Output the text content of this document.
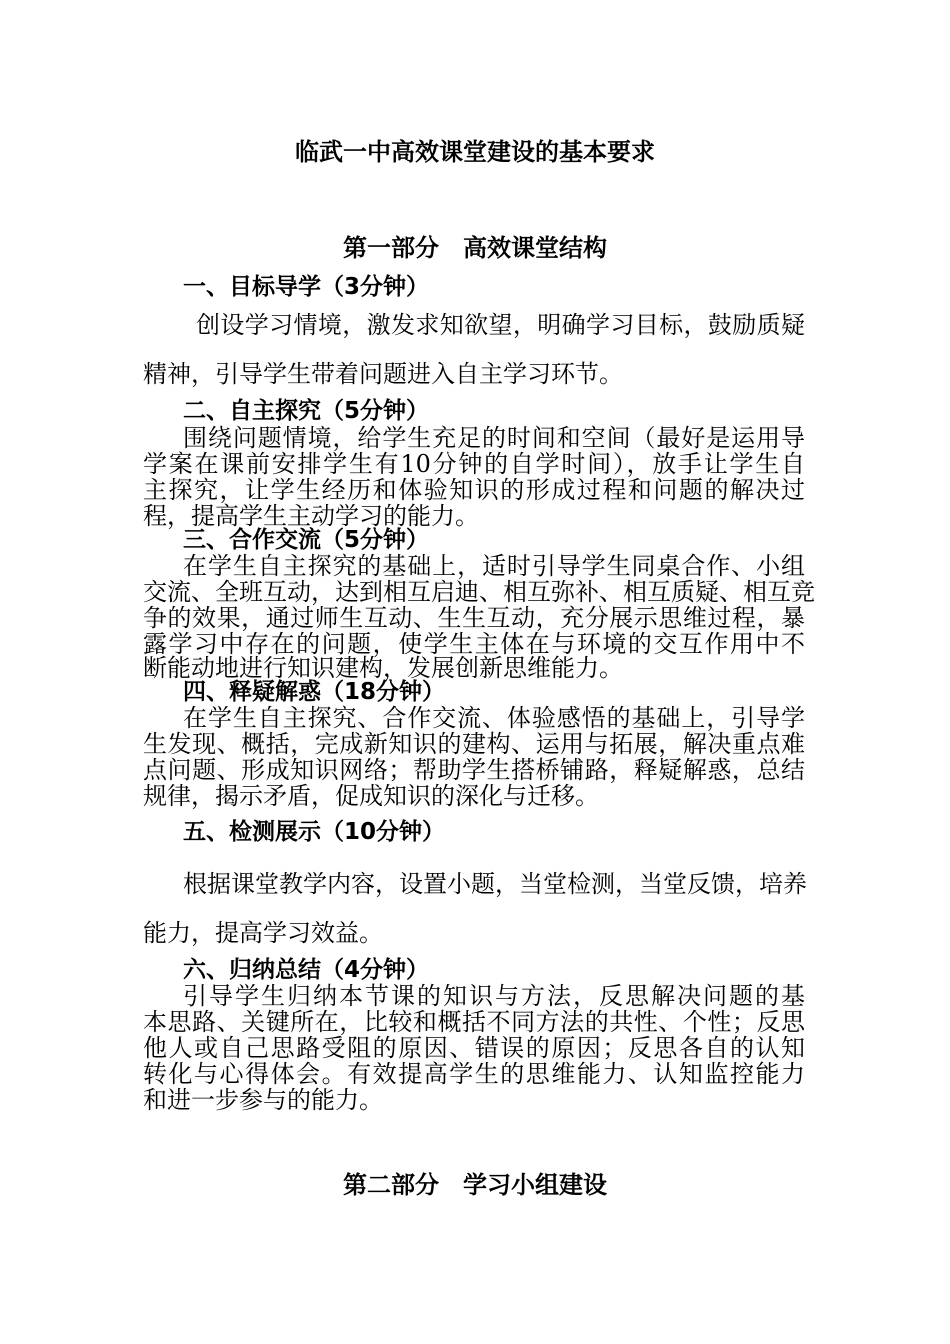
临武一中高效课堂建设的基本要求
第一部分　高效课堂结构
一、目标导学（3分钟）
创设学习情境，激发求知欲望，明确学习目标，鼓励质疑
精神，引导学生带着问题进入自主学习环节。
二、自主探究（5分钟）
围绕问题情境，给学生充足的时间和空间（最好是运用导
学案在课前安排学生有10分钟的自学时间），放手让学生自
主探究，让学生经历和体验知识的形成过程和问题的解决过
程，提高学生主动学习的能力。
三、合作交流（5分钟）
在学生自主探究的基础上，适时引导学生同桌合作、小组
交流、全班互动，达到相互启迪、相互弥补、相互质疑、相互竞
争的效果，通过师生互动、生生互动，充分展示思维过程，暴
露学习中存在的问题，使学生主体在与环境的交互作用中不
断能动地进行知识建构，发展创新思维能力。
四、释疑解惑（18分钟）
在学生自主探究、合作交流、体验感悟的基础上，引导学
生发现、概括，完成新知识的建构、运用与拓展，解决重点难
点问题、形成知识网络；帮助学生搭桥铺路，释疑解惑，总结
规律，揭示矛盾，促成知识的深化与迁移。
五、检测展示（10分钟）
根据课堂教学内容，设置小题，当堂检测，当堂反馈，培养
能力，提高学习效益。
六、归纳总结（4分钟）
引导学生归纳本节课的知识与方法，反思解决问题的基
本思路、关键所在，比较和概括不同方法的共性、个性；反思
他人或自己思路受阻的原因、错误的原因；反思各自的认知
转化与心得体会。有效提高学生的思维能力、认知监控能力
和进一步参与的能力。
第二部分　学习小组建设
